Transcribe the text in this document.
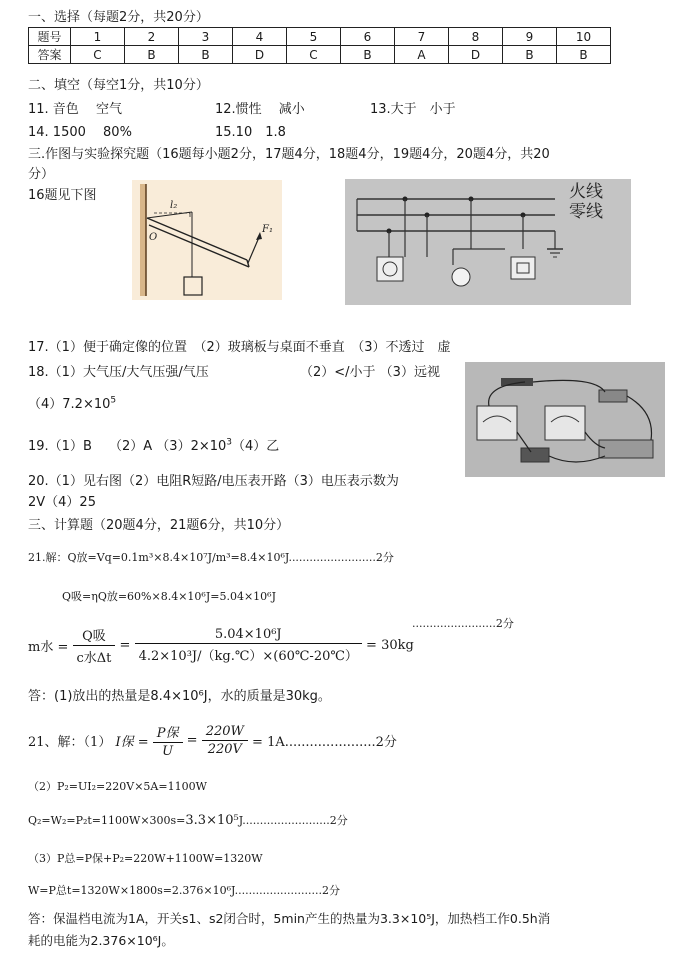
一、选择（每题2分，共20分）
题号	1	2	3	4	5	6	7	8	9	10
答案	C	B	B	D	C	B	A	D	B	B
二、填空（每空1分，共10分）
11. 音色　 空气	12.惯性　 减小	13.大于　小于
14. 1500　 80%	15.10　1.8
三.作图与实验探究题（16题每小题2分，17题4分，18题4分，19题4分，20题4分，共20
分）
16题见下图
l₂
O
F₁
火线
零线
17.（1）便于确定像的位置　（2）玻璃板与桌面不垂直　（3）不透过　虚
18.（1）大气压/大气压强/气压	（2）</小于 （3）远视
$(4)7.2\times 10^5$
19.（1）B　 （2）A $(3)2\times 10^3(4)$乙
20.（1）见右图（2）电阻R短路/电压表开路（3）电压表示数为
2V（4）25
三、计算题（20题4分，21题6分，共10分）
21.解：Q放=Vq=0.1m³×8.4×10⁷J/m³=8.4×10⁶J.........................2分
Q吸=ηQ放=60%×8.4×10⁶J=5.04×10⁶J
m水 = $\frac{\text{Q吸}}{\text{c水Δt}} = \frac{\text{5.04×10⁶J}}{\text{4.2×10³J/（kg.℃）×(60℃-20℃）}} = 30kg$
........................2分
答：(1)放出的热量是8.4×10⁶J，水的质量是30kg。
21、解：（1） I保 = $\frac{\text{P保}}{U} = \frac{220W}{220V} = 1A......................2$分
（2）P₂=UI₂=220V×5A=1100W
Q₂=W₂=P₂t=1100W×300s=3.3×10⁵J.........................2分
（3）P总=P保+P₂=220W+1100W=1320W
W=P总t=1320W×1800s=2.376×10⁶J.........................2分
答：保温档电流为1A，开关s1、s2闭合时，5min产生的热量为3.3×10⁵J，加热档工作0.5h消
耗的电能为2.376×10⁶J。
